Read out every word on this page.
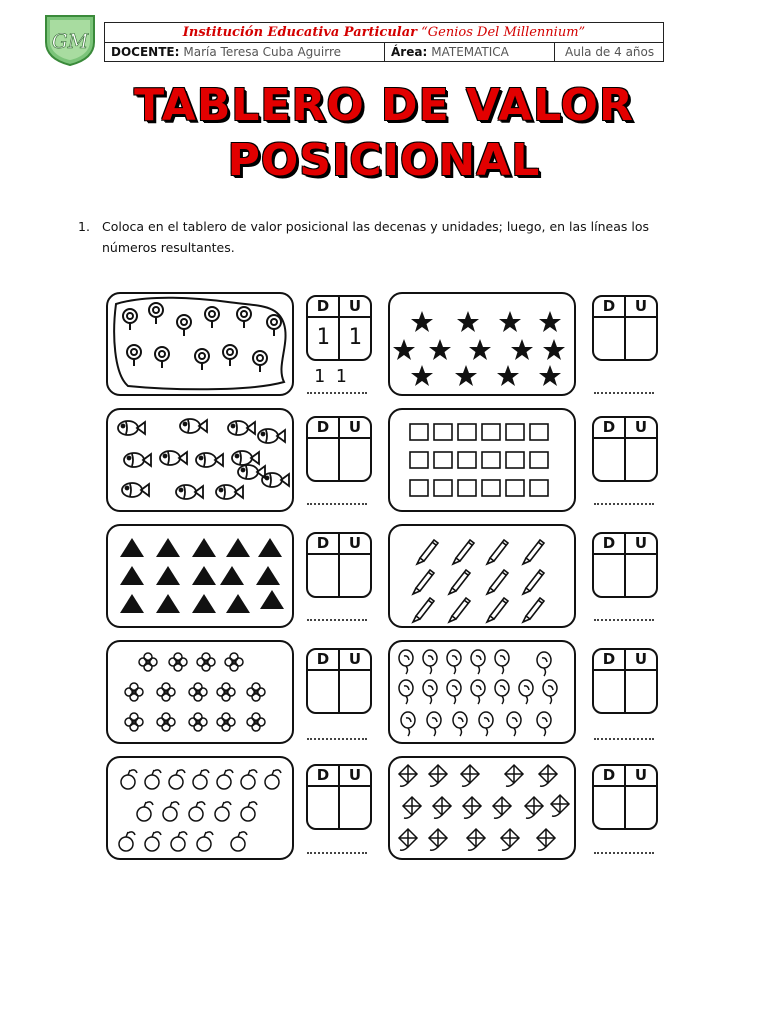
GM	Institución Educativa Particular “Genios Del Millennium”
DOCENTE: María Teresa Cuba Aguirre	Área: MATEMATICA	Aula de 4 años
TABLERO DE VALOR
POSICIONAL
1. Coloca en el tablero de valor posicional las decenas y unidades; luego, en las líneas los números resultantes.
D	U
1 1
1 1
D	U
D	U	D	U
D	U	D	U
D	U	D	U
D	U	D	U
